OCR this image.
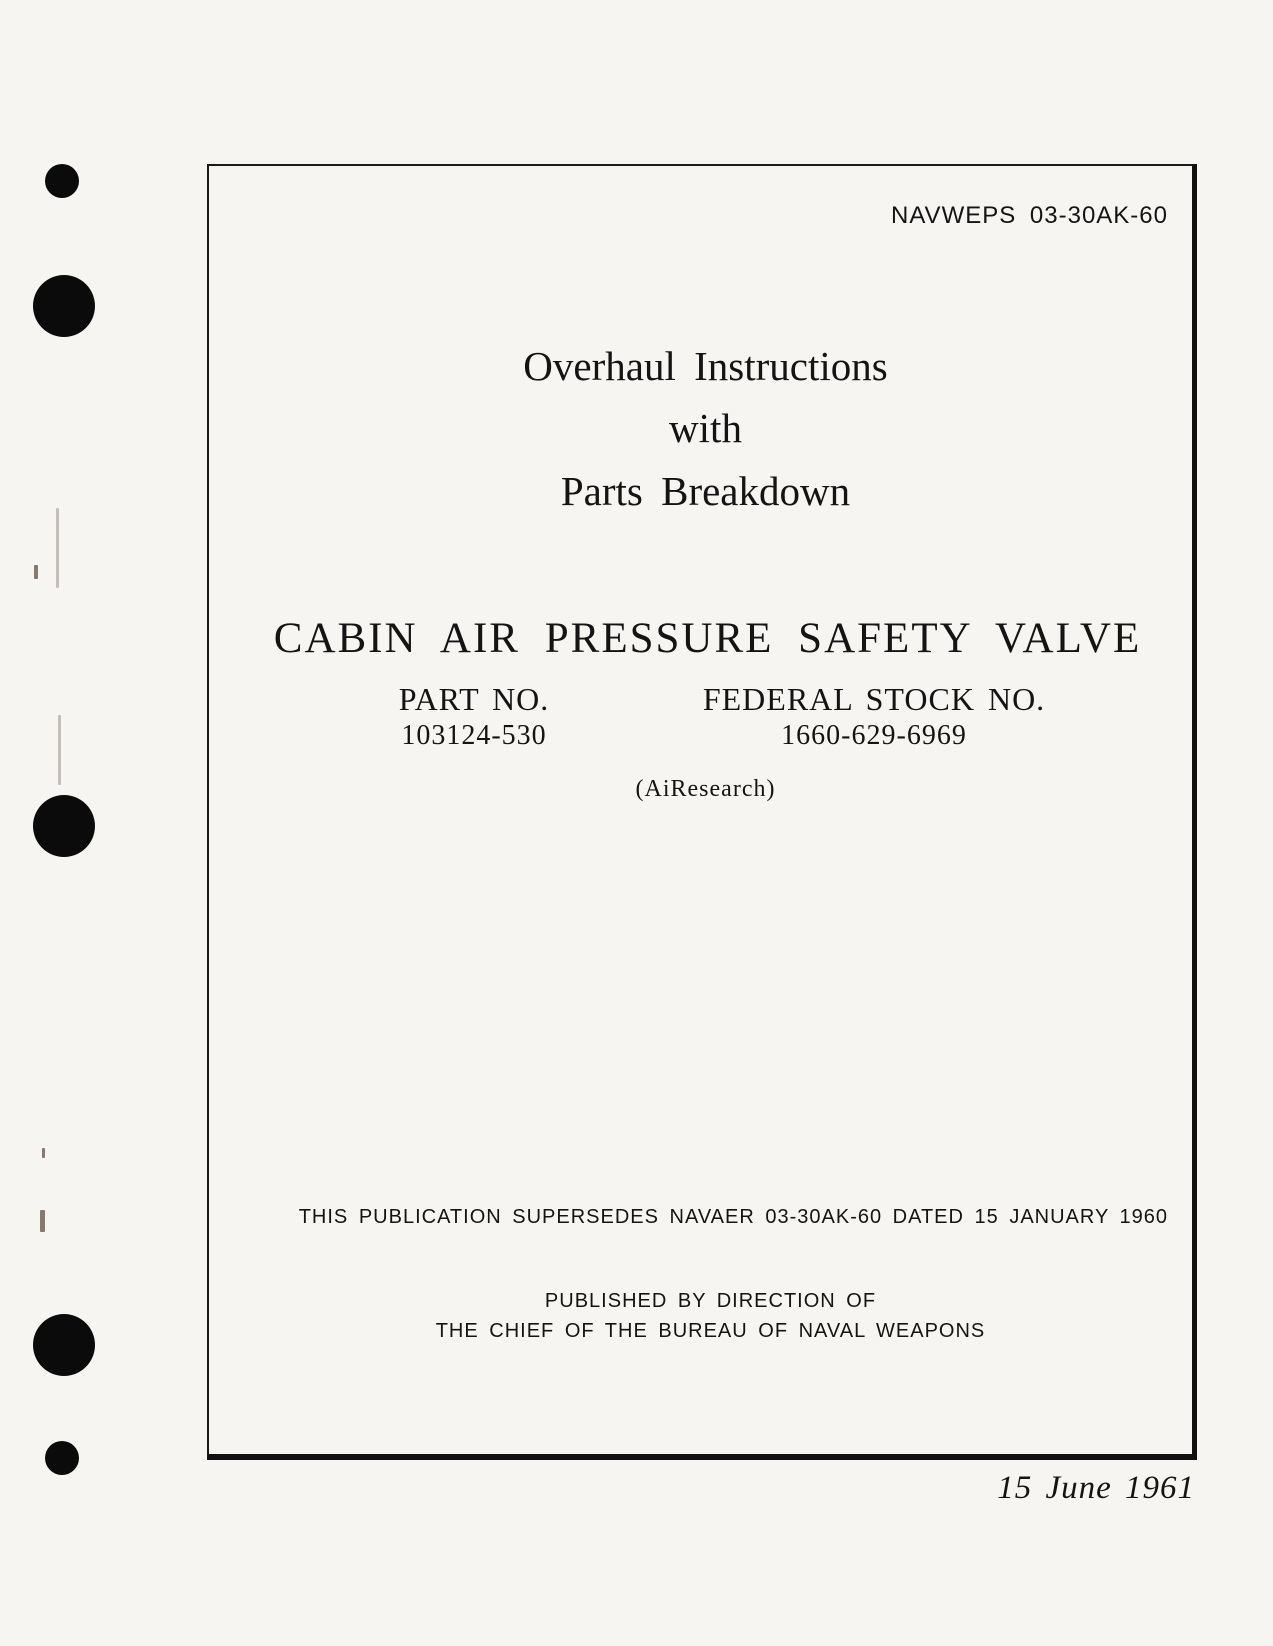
NAVWEPS 03-30AK-60
Overhaul Instructions
with
Parts Breakdown
CABIN AIR PRESSURE SAFETY VALVE
PART NO.
103124-530
FEDERAL STOCK NO.
1660-629-6969
(AiResearch)
THIS PUBLICATION SUPERSEDES NAVAER 03-30AK-60 DATED 15 JANUARY 1960
PUBLISHED BY DIRECTION OF
THE CHIEF OF THE BUREAU OF NAVAL WEAPONS
15 June 1961
